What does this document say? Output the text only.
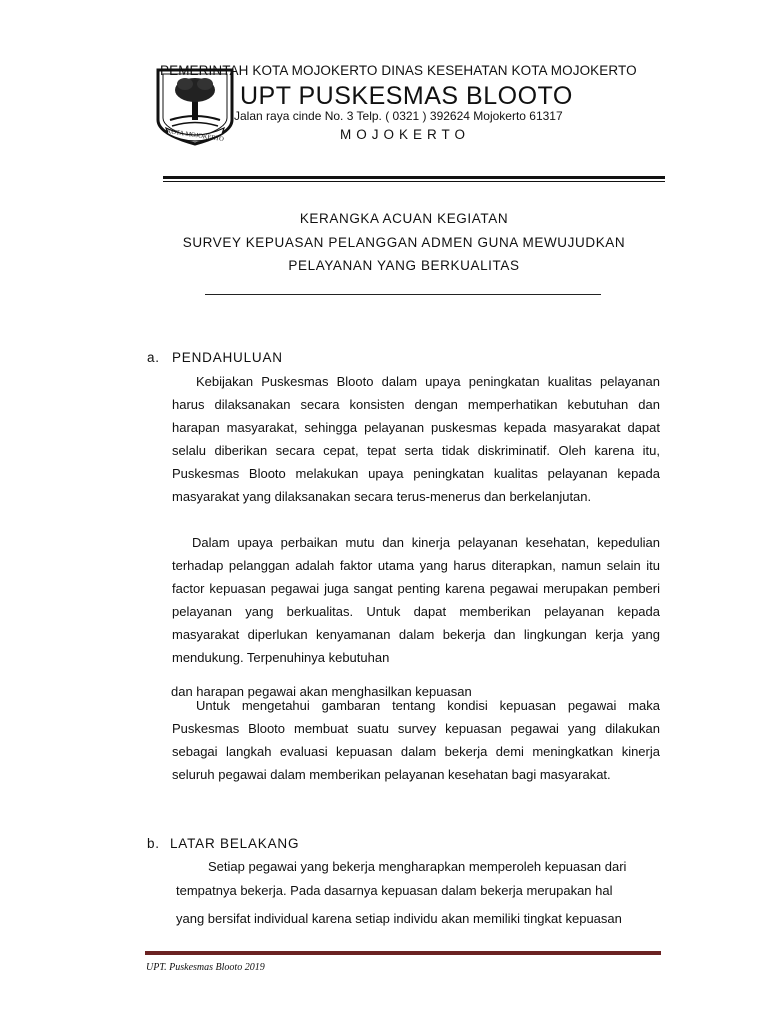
KOTA MOJOKERTO
PEMERINTAH KOTA MOJOKERTO DINAS KESEHATAN KOTA MOJOKERTO
UPT PUSKESMAS BLOOTO
Jalan raya cinde No. 3 Telp. ( 0321 ) 392624 Mojokerto 61317
MOJOKERTO
KERANGKA ACUAN KEGIATAN
SURVEY KEPUASAN PELANGGAN ADMEN GUNA MEWUJUDKAN
PELAYANAN YANG BERKUALITAS
a. PENDAHULUAN

Kebijakan Puskesmas Blooto dalam upaya peningkatan kualitas pelayanan harus dilaksanakan secara konsisten dengan memperhatikan kebutuhan dan harapan masyarakat, sehingga pelayanan puskesmas kepada masyarakat dapat selalu diberikan secara cepat, tepat serta tidak diskriminatif. Oleh karena itu, Puskesmas Blooto melakukan upaya peningkatan kualitas pelayanan kepada masyarakat yang dilaksanakan secara terus-menerus dan berkelanjutan.

Dalam upaya perbaikan mutu dan kinerja pelayanan kesehatan, kepedulian terhadap pelanggan adalah faktor utama yang harus diterapkan, namun selain itu factor kepuasan pegawai juga sangat penting karena pegawai merupakan pemberi pelayanan yang berkualitas. Untuk dapat memberikan pelayanan kepada masyarakat diperlukan kenyamanan dalam bekerja dan lingkungan kerja yang mendukung. Terpenuhinya kebutuhan

dan harapan pegawai akan menghasilkan kepuasan

Untuk mengetahui gambaran tentang kondisi kepuasan pegawai maka Puskesmas Blooto membuat suatu survey kepuasan pegawai yang dilakukan sebagai langkah evaluasi kepuasan dalam bekerja demi meningkatkan kinerja seluruh pegawai dalam memberikan pelayanan kesehatan bagi masyarakat.

b. LATAR BELAKANG
Setiap pegawai yang bekerja mengharapkan memperoleh kepuasan dari
tempatnya bekerja. Pada dasarnya kepuasan dalam bekerja merupakan hal
yang bersifat individual karena setiap individu akan memiliki tingkat kepuasan
UPT. Puskesmas Blooto 2019
